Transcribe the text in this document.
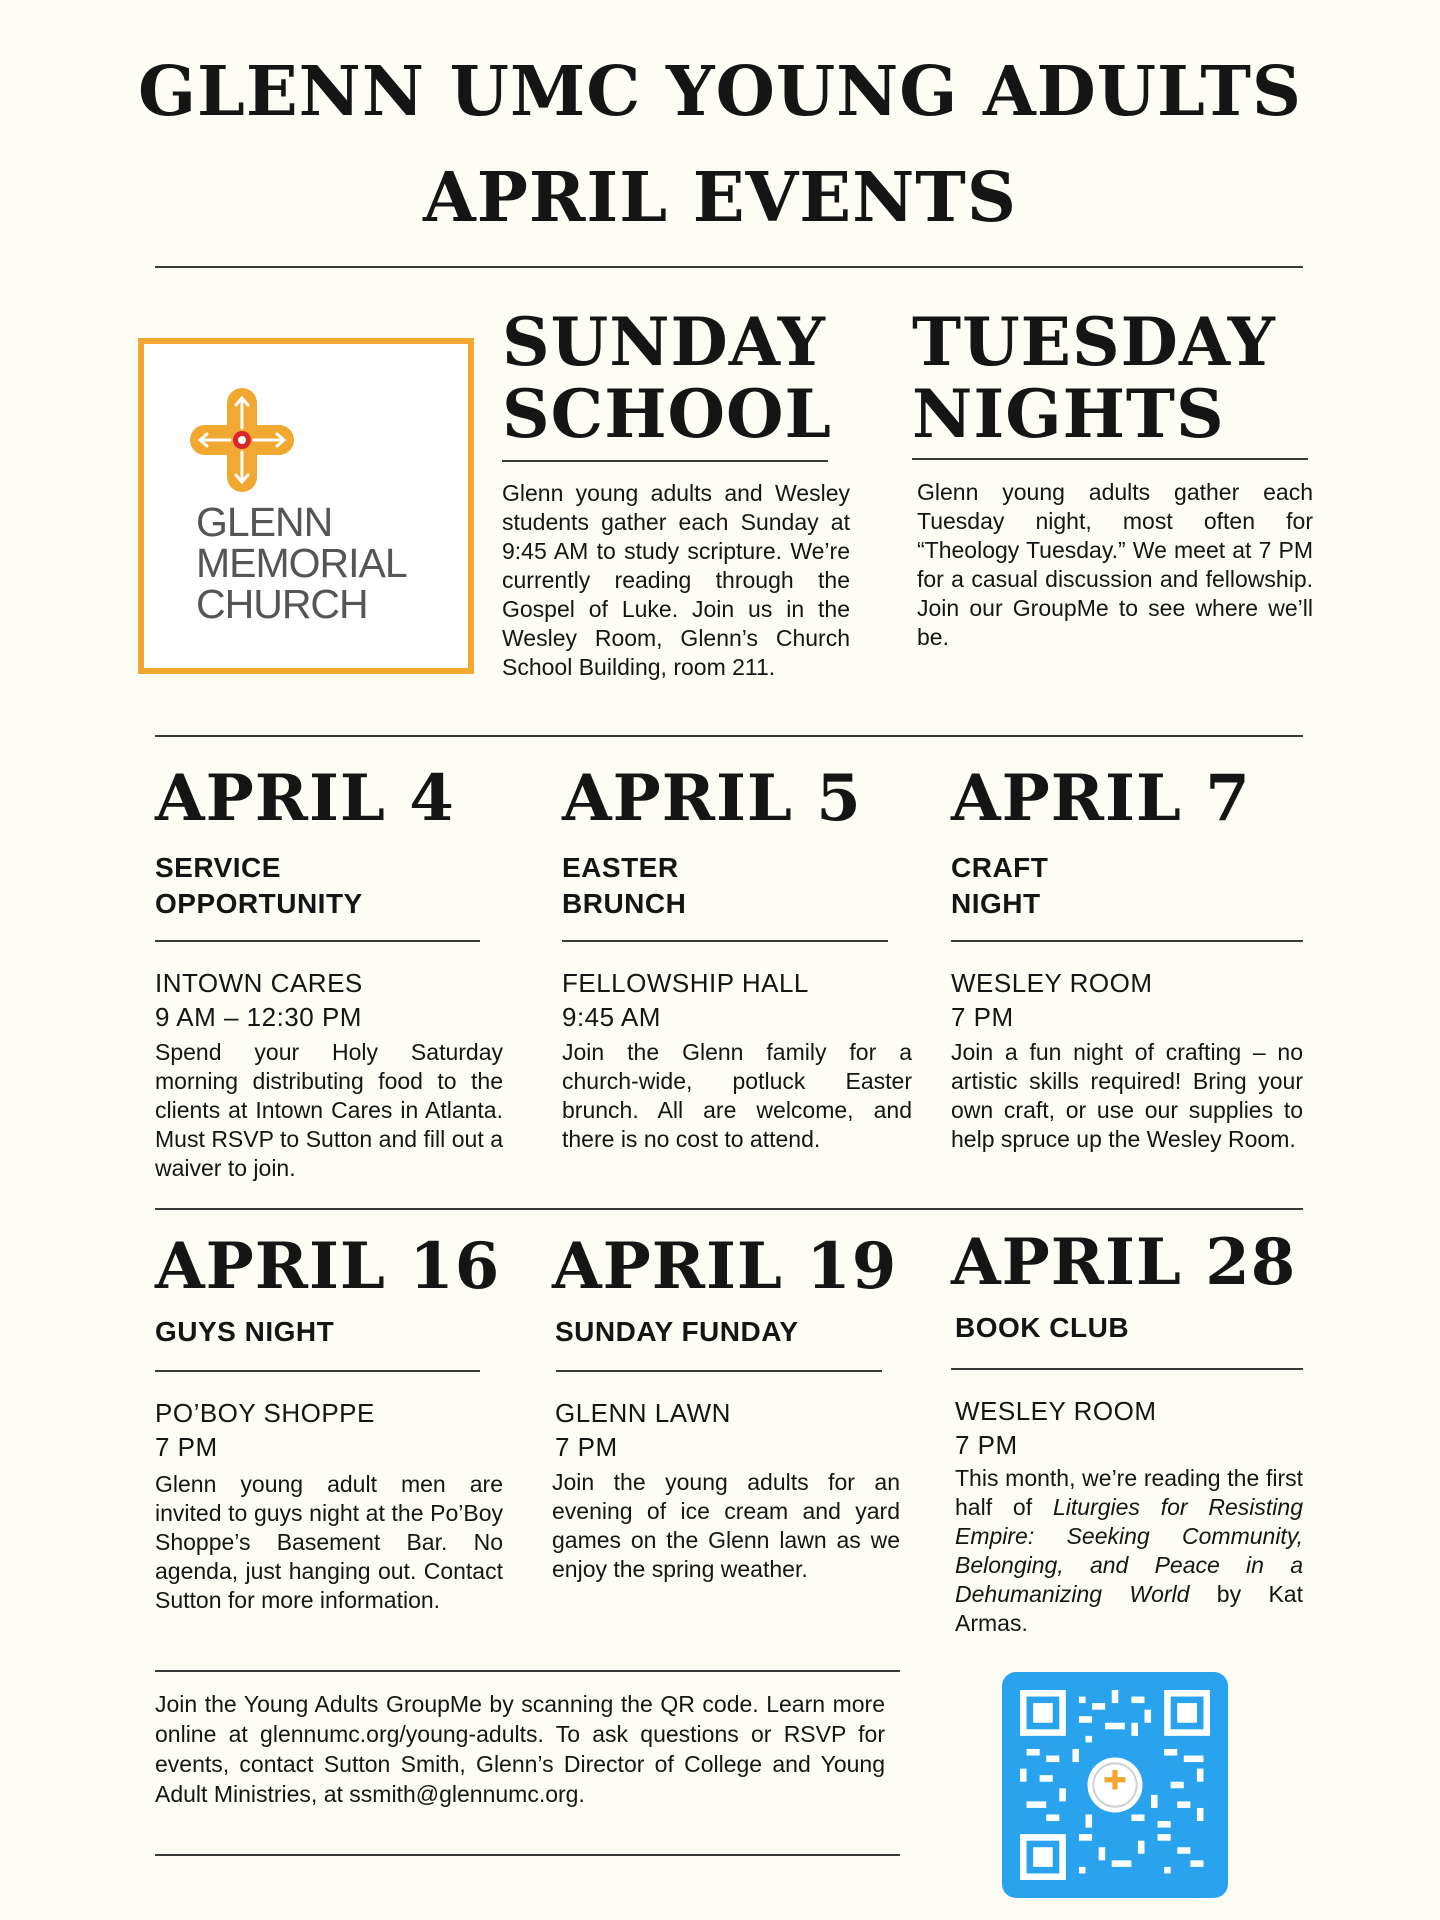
GLENN UMC YOUNG ADULTS
APRIL EVENTS
GLENN
MEMORIAL
CHURCH
SUNDAY
SCHOOL
Glenn young adults and Wesley students gather each Sunday at 9:45 AM to study scripture. We’re currently reading through the Gospel of Luke. Join us in the Wesley Room, Glenn’s Church School Building, room 211.
TUESDAY
NIGHTS
Glenn young adults gather each Tuesday night, most often for “Theology Tuesday.” We meet at 7 PM for a casual discussion and fellowship. Join our GroupMe to see where we’ll be.
APRIL 4
SERVICE
OPPORTUNITY
INTOWN CARES
9 AM – 12:30 PM
Spend your Holy Saturday morning distributing food to the clients at Intown Cares in Atlanta. Must RSVP to Sutton and fill out a waiver to join.
APRIL 5
EASTER
BRUNCH
FELLOWSHIP HALL
9:45 AM
Join the Glenn family for a church-wide, potluck Easter brunch. All are welcome, and there is no cost to attend.
APRIL 7
CRAFT
NIGHT
WESLEY ROOM
7 PM
Join a fun night of crafting – no artistic skills required! Bring your own craft, or use our supplies to help spruce up the Wesley Room.
APRIL 16
GUYS NIGHT
PO’BOY SHOPPE
7 PM
Glenn young adult men are invited to guys night at the Po’Boy Shoppe’s Basement Bar. No agenda, just hanging out. Contact Sutton for more information.
APRIL 19
SUNDAY FUNDAY
GLENN LAWN
7 PM
Join the young adults for an evening of ice cream and yard games on the Glenn lawn as we enjoy the spring weather.
APRIL 28
BOOK CLUB
WESLEY ROOM
7 PM
This month, we’re reading the first half of Liturgies for Resisting Empire: Seeking Community, Belonging, and Peace in a Dehumanizing World by Kat Armas.
Join the Young Adults GroupMe by scanning the QR code. Learn more online at glennumc.org/young-adults. To ask questions or RSVP for events, contact Sutton Smith, Glenn’s Director of College and Young Adult Ministries, at ssmith@glennumc.org.
